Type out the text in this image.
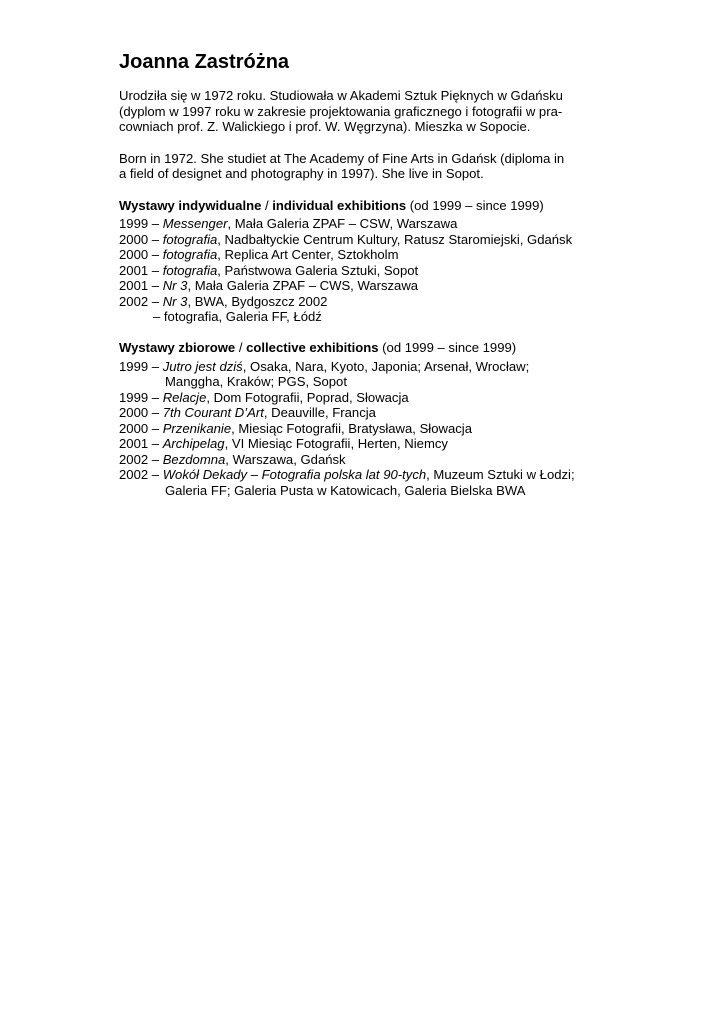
Joanna Zastróżna
Urodziła się w 1972 roku. Studiowała w Akademi Sztuk Pięknych w Gdańsku
(dyplom w 1997 roku w zakresie projektowania graficznego i fotografii w pra-
cowniach prof. Z. Walickiego i prof. W. Węgrzyna). Mieszka w Sopocie.
Born in 1972. She studiet at The Academy of Fine Arts in Gdańsk (diploma in
a field of designet and photography in 1997). She live in Sopot.
Wystawy indywidualne / individual exhibitions (od 1999 – since 1999)
1999 – Messenger, Mała Galeria ZPAF – CSW, Warszawa
2000 – fotografia, Nadbałtyckie Centrum Kultury, Ratusz Staromiejski, Gdańsk
2000 – fotografia, Replica Art Center, Sztokholm
2001 – fotografia, Państwowa Galeria Sztuki, Sopot
2001 – Nr 3, Mała Galeria ZPAF – CWS, Warszawa
2002 – Nr 3, BWA, Bydgoszcz 2002
– fotografia, Galeria FF, Łódź
Wystawy zbiorowe / collective exhibitions (od 1999 – since 1999)
1999 – Jutro jest dziś, Osaka, Nara, Kyoto, Japonia; Arsenał, Wrocław;
Manggha, Kraków; PGS, Sopot
1999 – Relacje, Dom Fotografii, Poprad, Słowacja
2000 – 7th Courant D’Art, Deauville, Francja
2000 – Przenikanie, Miesiąc Fotografii, Bratysława, Słowacja
2001 – Archipelag, VI Miesiąc Fotografii, Herten, Niemcy
2002 – Bezdomna, Warszawa, Gdańsk
2002 – Wokół Dekady – Fotografia polska lat 90-tych, Muzeum Sztuki w Łodzi;
Galeria FF; Galeria Pusta w Katowicach, Galeria Bielska BWA
